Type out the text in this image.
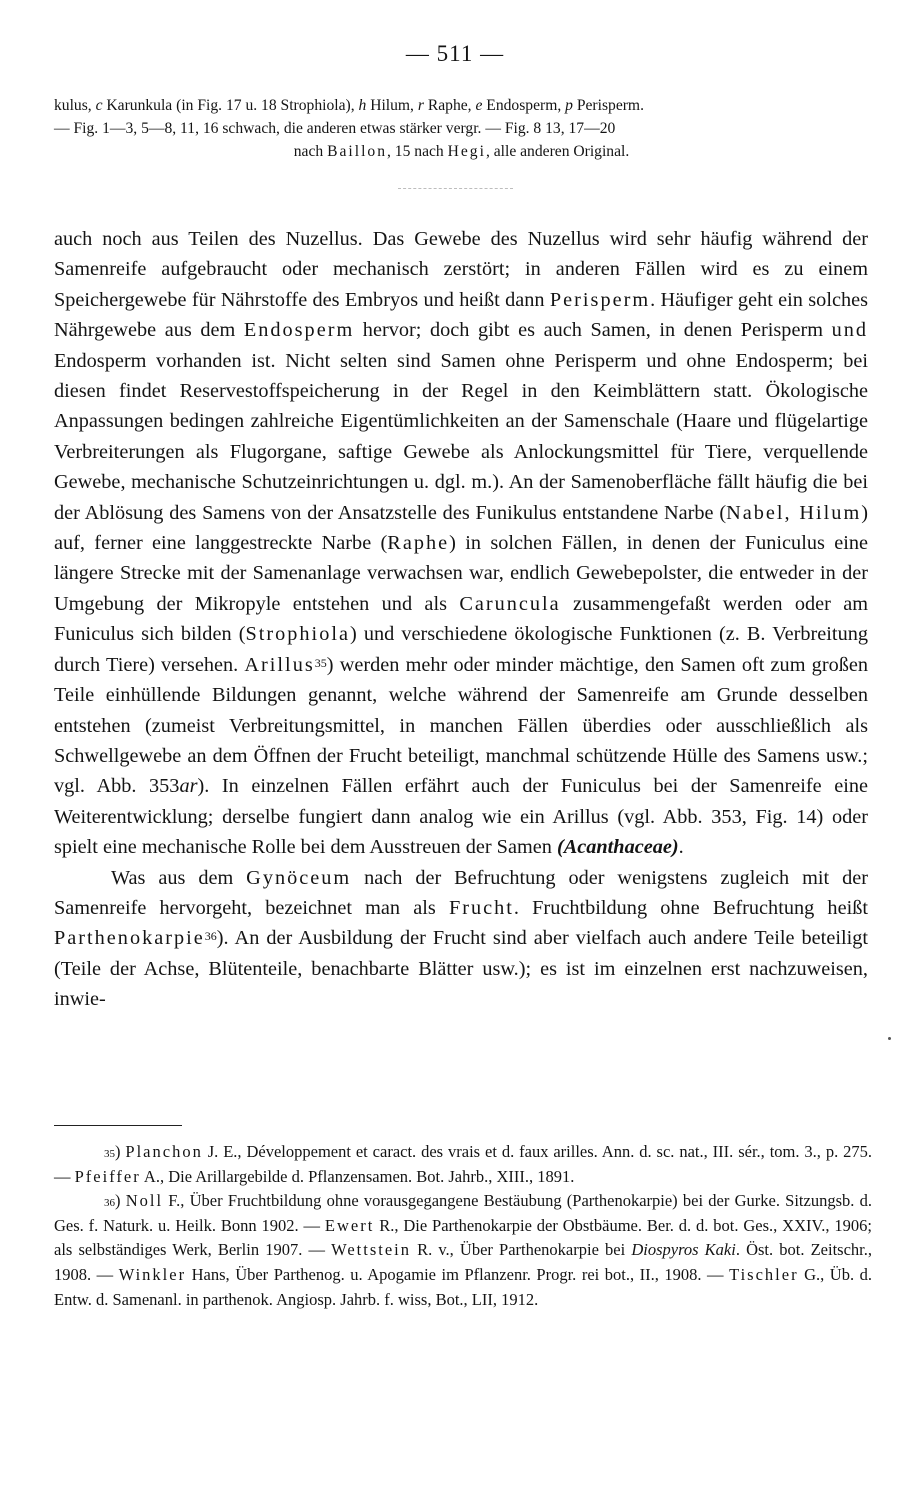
— 511 —

kulus, c Karunkula (in Fig. 17 u. 18 Strophiola), h Hilum, r Raphe, e Endosperm, p Perisperm.

— Fig. 1—3, 5—8, 11, 16 schwach, die anderen etwas stärker vergr. — Fig. 8 13, 17—20

nach Baillon, 15 nach Hegi, alle anderen Original.

auch noch aus Teilen des Nuzellus. Das Gewebe des Nuzellus wird sehr häufig während der Samenreife aufgebraucht oder mechanisch zerstört; in anderen Fällen wird es zu einem Speichergewebe für Nährstoffe des Embryos und heißt dann Perisperm. Häufiger geht ein solches Nährgewebe aus dem Endosperm hervor; doch gibt es auch Samen, in denen Perisperm und Endosperm vorhanden ist. Nicht selten sind Samen ohne Perisperm und ohne Endosperm; bei diesen findet Reservestoffspeicherung in der Regel in den Keimblättern statt. Ökologische Anpassungen bedingen zahlreiche Eigentümlichkeiten an der Samenschale (Haare und flügelartige Verbreiterungen als Flugorgane, saftige Gewebe als Anlockungsmittel für Tiere, verquellende Gewebe, mechanische Schutzeinrichtungen u. dgl. m.). An der Samenoberfläche fällt häufig die bei der Ablösung des Samens von der Ansatzstelle des Funikulus entstandene Narbe (Nabel, Hilum) auf, ferner eine langgestreckte Narbe (Raphe) in solchen Fällen, in denen der Funiculus eine längere Strecke mit der Samenanlage verwachsen war, endlich Gewebepolster, die entweder in der Umgebung der Mikropyle entstehen und als Caruncula zusammengefaßt werden oder am Funiculus sich bilden (Strophiola) und verschiedene ökologische Funktionen (z. B. Verbreitung durch Tiere) versehen. Arillus$^{35}$) werden mehr oder minder mächtige, den Samen oft zum großen Teile einhüllende Bildungen genannt, welche während der Samenreife am Grunde desselben entstehen (zumeist Verbreitungsmittel, in manchen Fällen überdies oder ausschließlich als Schwellgewebe an dem Öffnen der Frucht beteiligt, manchmal schützende Hülle des Samens usw.; vgl. Abb. 353ar). In einzelnen Fällen erfährt auch der Funiculus bei der Samenreife eine Weiterentwicklung; derselbe fungiert dann analog wie ein Arillus (vgl. Abb. 353, Fig. 14) oder spielt eine mechanische Rolle bei dem Ausstreuen der Samen (Acanthaceae).

Was aus dem Gynöceum nach der Befruchtung oder wenigstens zugleich mit der Samenreife hervorgeht, bezeichnet man als Frucht. Fruchtbildung ohne Befruchtung heißt Parthenokarpie$^{36}$). An der Ausbildung der Frucht sind aber vielfach auch andere Teile beteiligt (Teile der Achse, Blütenteile, benachbarte Blätter usw.); es ist im einzelnen erst nachzuweisen, inwie-

$^{35}$) Planchon J. E., Développement et caract. des vrais et d. faux arilles. Ann. d. sc. nat., III. sér., tom. 3., p. 275. — Pfeiffer A., Die Arillargebilde d. Pflanzensamen. Bot. Jahrb., XIII., 1891.

$^{36}$) Noll F., Über Fruchtbildung ohne vorausgegangene Bestäubung (Parthenokarpie) bei der Gurke. Sitzungsb. d. Ges. f. Naturk. u. Heilk. Bonn 1902. — Ewert R., Die Parthenokarpie der Obstbäume. Ber. d. d. bot. Ges., XXIV., 1906; als selbständiges Werk, Berlin 1907. — Wettstein R. v., Über Parthenokarpie bei Diospyros Kaki. Öst. bot. Zeitschr., 1908. — Winkler Hans, Über Parthenog. u. Apogamie im Pflanzenr. Progr. rei bot., II., 1908. — Tischler G., Üb. d. Entw. d. Samenanl. in parthenok. Angiosp. Jahrb. f. wiss, Bot., LII, 1912.
